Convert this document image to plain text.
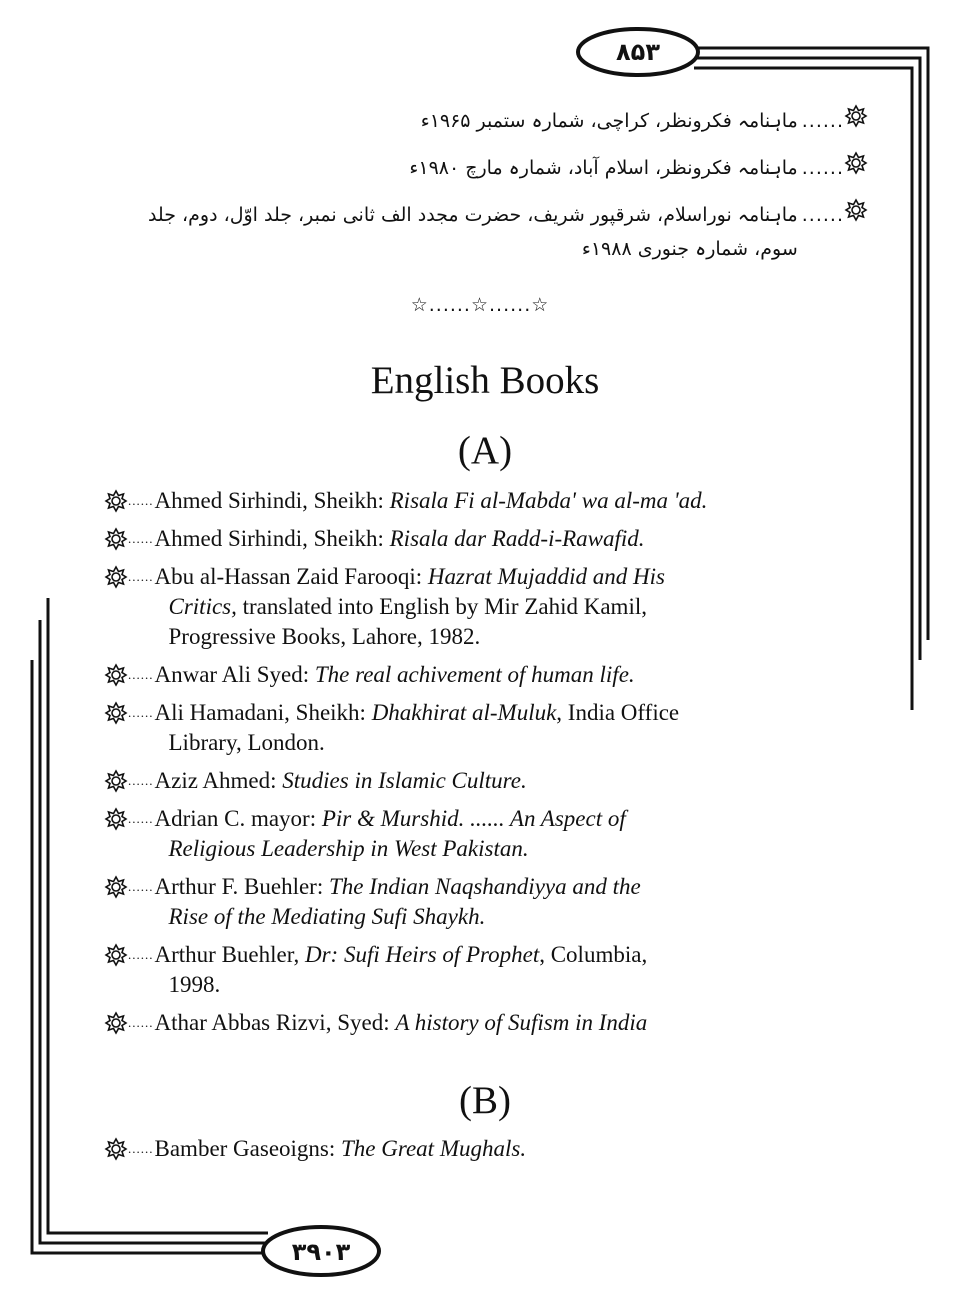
۸۵۳
۳۹۰۳
......
ماہنامہ فکرونظر، کراچی، شمارہ ستمبر ۱۹۶۵ء
......
ماہنامہ فکرونظر، اسلام آباد، شمارہ مارچ ۱۹۸۰ء
......
ماہنامہ نوراسلام، شرقپور شریف، حضرت مجدد الف ثانی نمبر، جلد اوّل، دوم، جلد سوم، شمارہ جنوری ۱۹۸۸ء
☆......☆......☆
English Books
(A)
...... Ahmed Sirhindi, Sheikh: Risala Fi al-Mabda' wa al-ma 'ad.
...... Ahmed Sirhindi, Sheikh: Risala dar Radd-i-Rawafid.
...... Abu al-Hassan Zaid Farooqi: Hazrat Mujaddid and His
Critics, translated into English by Mir Zahid Kamil,
Progressive Books, Lahore, 1982.
...... Anwar Ali Syed: The real achivement of human life.
...... Ali Hamadani, Sheikh: Dhakhirat al-Muluk, India Office
Library, London.
...... Aziz Ahmed: Studies in Islamic Culture.
...... Adrian C. mayor: Pir & Murshid. ...... An Aspect of
Religious Leadership in West Pakistan.
...... Arthur F. Buehler: The Indian Naqshandiyya and the
Rise of the Mediating Sufi Shaykh.
...... Arthur Buehler, Dr: Sufi Heirs of Prophet, Columbia,
1998.
...... Athar Abbas Rizvi, Syed: A history of Sufism in India
(B)
...... Bamber Gaseoigns: The Great Mughals.
